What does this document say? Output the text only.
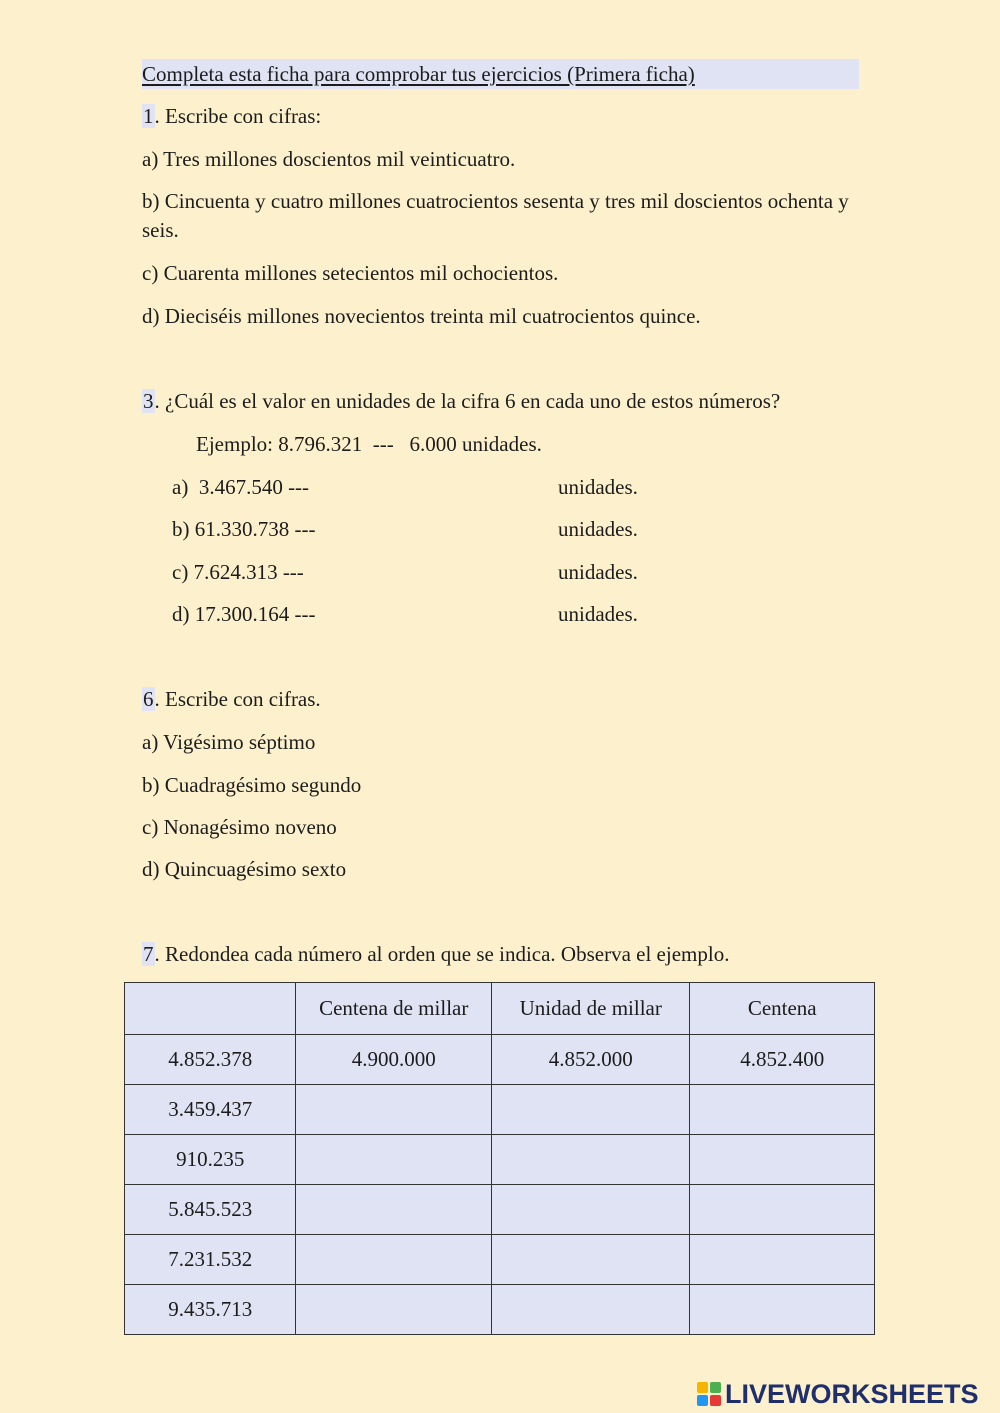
Completa esta ficha para comprobar tus ejercicios (Primera ficha)
1. Escribe con cifras:
a) Tres millones doscientos mil veinticuatro.
b) Cincuenta y cuatro millones cuatrocientos sesenta y tres mil doscientos ochenta y seis.
c) Cuarenta millones setecientos mil ochocientos.
d) Dieciséis millones novecientos treinta mil cuatrocientos quince.
3. ¿Cuál es el valor en unidades de la cifra 6 en cada uno de estos números?
Ejemplo: 8.796.321  ---   6.000 unidades.
a)  3.467.540 ---	unidades.
b) 61.330.738 ---	unidades.
c) 7.624.313 ---	unidades.
d) 17.300.164 ---	unidades.
6. Escribe con cifras.
a) Vigésimo séptimo
b) Cuadragésimo segundo
c) Nonagésimo noveno
d) Quincuagésimo sexto
7. Redondea cada número al orden que se indica. Observa el ejemplo.
	Centena de millar	Unidad de millar	Centena
4.852.378	4.900.000	4.852.000	4.852.400
3.459.437			
910.235			
5.845.523			
7.231.532			
9.435.713			
LIVEWORKSHEETS
